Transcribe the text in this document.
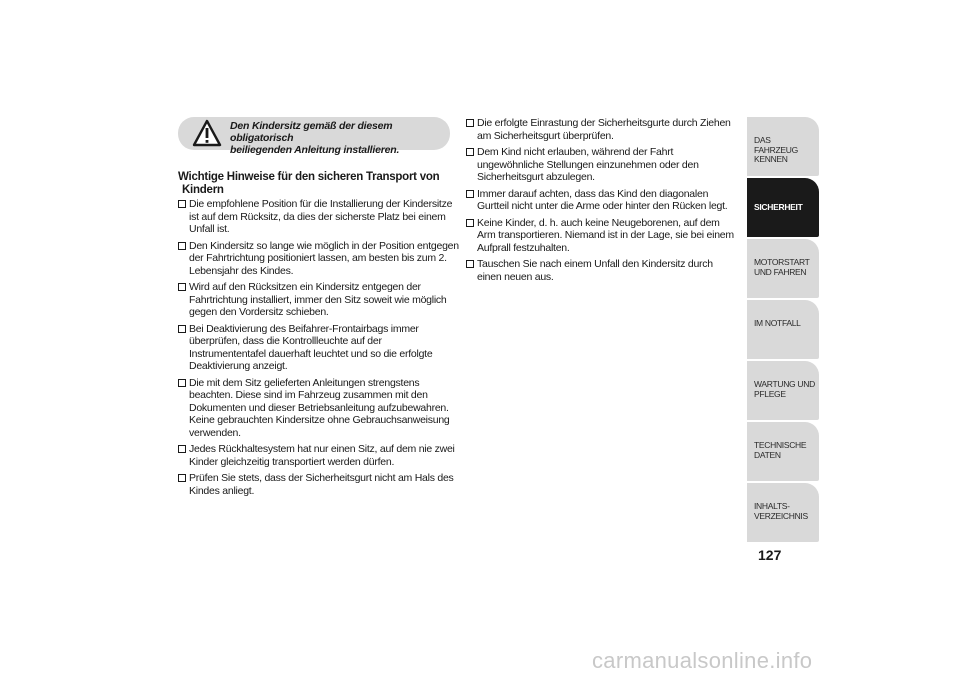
Den Kindersitz gemäß der diesem obligatorisch
beiliegenden Anleitung installieren.
Wichtige Hinweise für den sicheren Transport von
Kindern
Die empfohlene Position für die Installierung der Kindersitze ist auf dem Rücksitz, da dies der sicherste Platz bei einem Unfall ist.
Den Kindersitz so lange wie möglich in der Position entgegen der Fahrtrichtung positioniert lassen, am besten bis zum 2. Lebensjahr des Kindes.
Wird auf den Rücksitzen ein Kindersitz entgegen der Fahrtrichtung installiert, immer den Sitz soweit wie möglich gegen den Vordersitz schieben.
Bei Deaktivierung des Beifahrer-Frontairbags immer überprüfen, dass die Kontrollleuchte auf der Instrumententafel dauerhaft leuchtet und so die erfolgte Deaktivierung anzeigt.
Die mit dem Sitz gelieferten Anleitungen strengstens beachten. Diese sind im Fahrzeug zusammen mit den Dokumenten und dieser Betriebsanleitung aufzubewahren. Keine gebrauchten Kindersitze ohne Gebrauchsanweisung verwenden.
Jedes Rückhaltesystem hat nur einen Sitz, auf dem nie zwei Kinder gleichzeitig transportiert werden dürfen.
Prüfen Sie stets, dass der Sicherheitsgurt nicht am Hals des Kindes anliegt.
Die erfolgte Einrastung der Sicherheitsgurte durch Ziehen am Sicherheitsgurt überprüfen.
Dem Kind nicht erlauben, während der Fahrt ungewöhnliche Stellungen einzunehmen oder den Sicherheitsgurt abzulegen.
Immer darauf achten, dass das Kind den diagonalen Gurtteil nicht unter die Arme oder hinter den Rücken legt.
Keine Kinder, d. h. auch keine Neugeborenen, auf dem Arm transportieren. Niemand ist in der Lage, sie bei einem Aufprall festzuhalten.
Tauschen Sie nach einem Unfall den Kindersitz durch einen neuen aus.
DAS FAHRZEUG KENNEN
SICHERHEIT
MOTORSTART UND FAHREN
IM NOTFALL
WARTUNG UND PFLEGE
TECHNISCHE DATEN
INHALTS- VERZEICHNIS
127
carmanualsonline.info
